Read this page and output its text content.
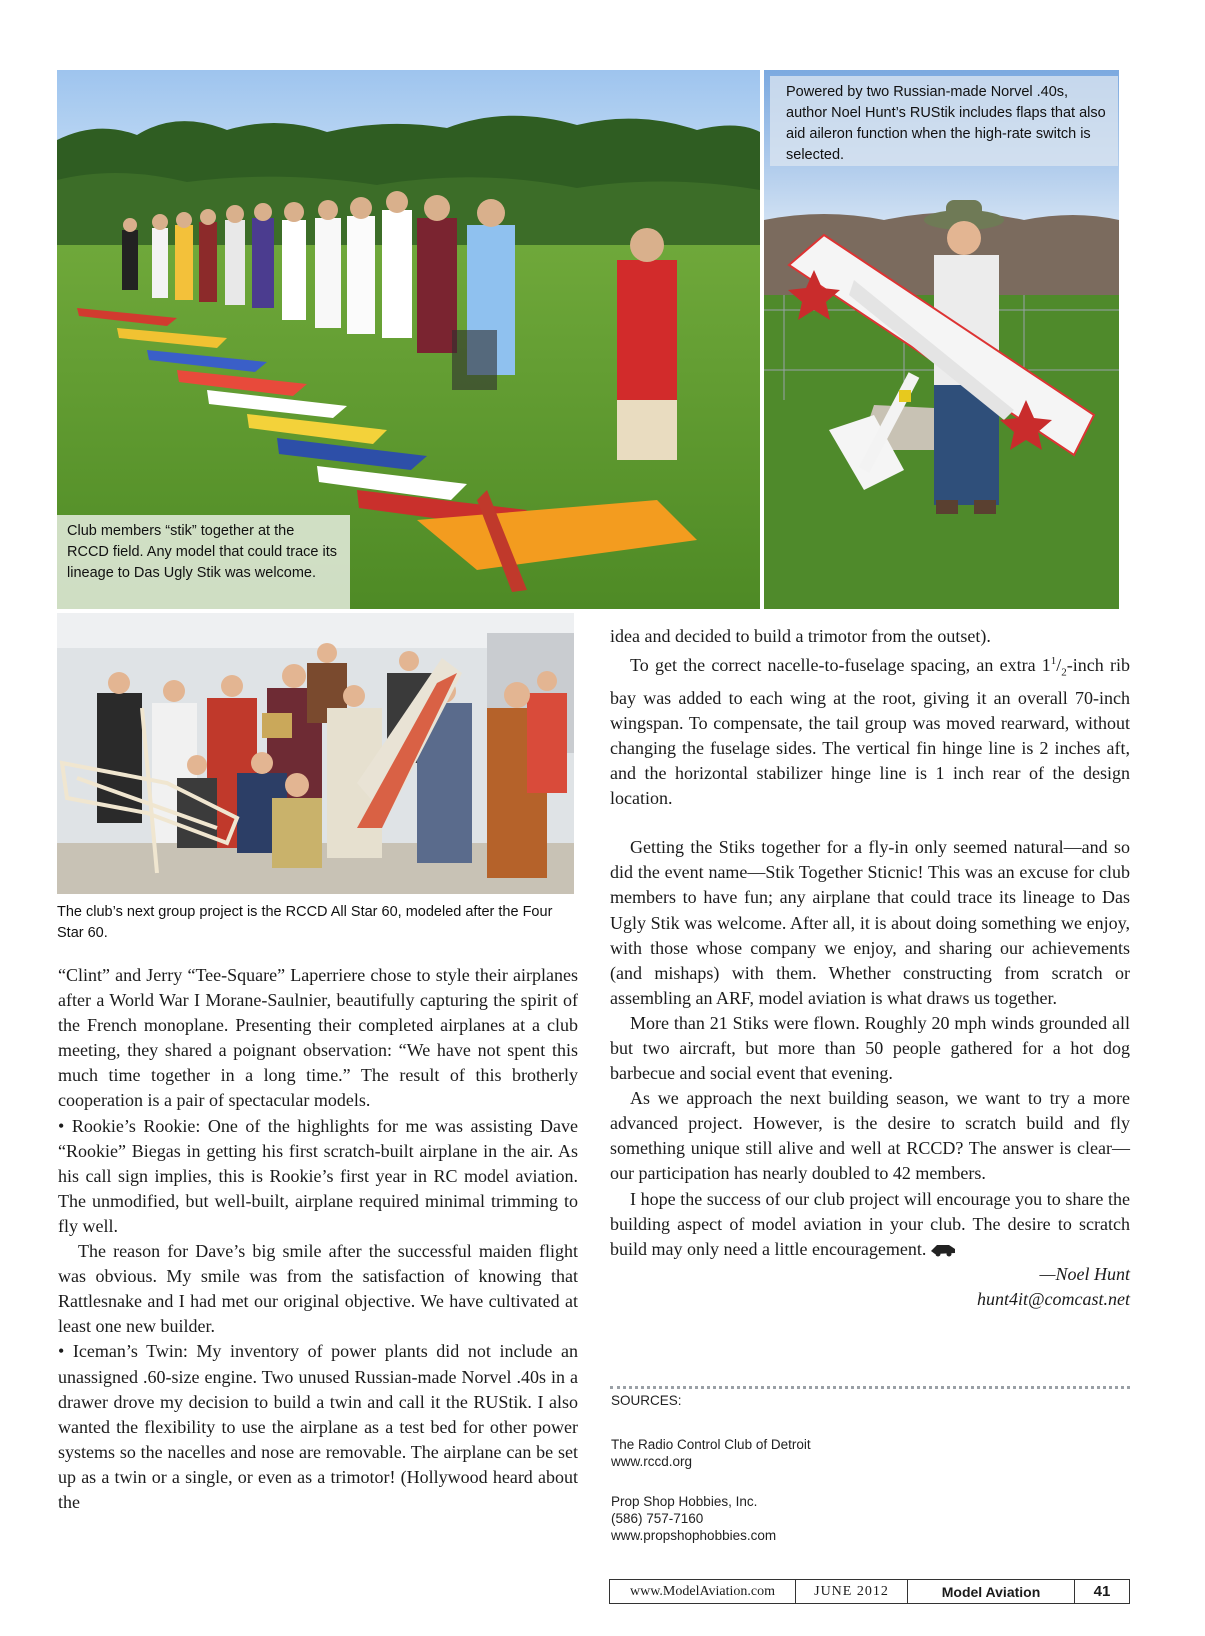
Club members “stik” together at the RCCD field. Any model that could trace its lineage to Das Ugly Stik was welcome.
Powered by two Russian-made Norvel .40s, author Noel Hunt’s RUStik includes flaps that also aid aileron function when the high-rate switch is selected.
The club’s next group project is the RCCD All Star 60, modeled after the Four Star 60.

“Clint” and Jerry “Tee-Square” Laperriere chose to style their airplanes after a World War I Morane-Saulnier, beautifully capturing the spirit of the French monoplane. Presenting their completed airplanes at a club meeting, they shared a poignant observation: “We have not spent this much time together in a long time.” The result of this brotherly cooperation is a pair of spectacular models.

• Rookie’s Rookie: One of the highlights for me was assisting Dave “Rookie” Biegas in getting his first scratch-built airplane in the air. As his call sign implies, this is Rookie’s first year in RC model aviation. The unmodified, but well-built, airplane required minimal trimming to fly well.

The reason for Dave’s big smile after the successful maiden flight was obvious. My smile was from the satisfaction of knowing that Rattlesnake and I had met our original objective. We have cultivated at least one new builder.

• Iceman’s Twin: My inventory of power plants did not include an unassigned .60-size engine. Two unused Russian-made Norvel .40s in a drawer drove my decision to build a twin and call it the RUStik. I also wanted the flexibility to use the airplane as a test bed for other power systems so the nacelles and nose are removable. The airplane can be set up as a twin or a single, or even as a trimotor! (Hollywood heard about the

idea and decided to build a trimotor from the outset).

To get the correct nacelle-to-fuselage spacing, an extra $1^1/_2$-inch rib bay was added to each wing at the root, giving it an overall 70-inch wingspan. To compensate, the tail group was moved rearward, without changing the fuselage sides. The vertical fin hinge line is 2 inches aft, and the horizontal stabilizer hinge line is 1 inch rear of the design location.

Getting the Stiks together for a fly-in only seemed natural—and so did the event name—Stik Together Sticnic! This was an excuse for club members to have fun; any airplane that could trace its lineage to Das Ugly Stik was welcome. After all, it is about doing something we enjoy, with those whose company we enjoy, and sharing our achievements (and mishaps) with them. Whether constructing from scratch or assembling an ARF, model aviation is what draws us together.

More than 21 Stiks were flown. Roughly 20 mph winds grounded all but two aircraft, but more than 50 people gathered for a hot dog barbecue and social event that evening.

As we approach the next building season, we want to try a more advanced project. However, is the desire to scratch build and fly something unique still alive and well at RCCD? The answer is clear—our participation has nearly doubled to 42 members.

I hope the success of our club project will encourage you to share the building aspect of model aviation in your club. The desire to scratch build may only need a little encouragement.

—Noel Hunt

hunt4it@comcast.net

SOURCES:
The Radio Control Club of Detroit
www.rccd.org
Prop Shop Hobbies, Inc.
(586) 757-7160
www.propshophobbies.com
www.ModelAviation.com	JUNE 2012	Model Aviation	41
